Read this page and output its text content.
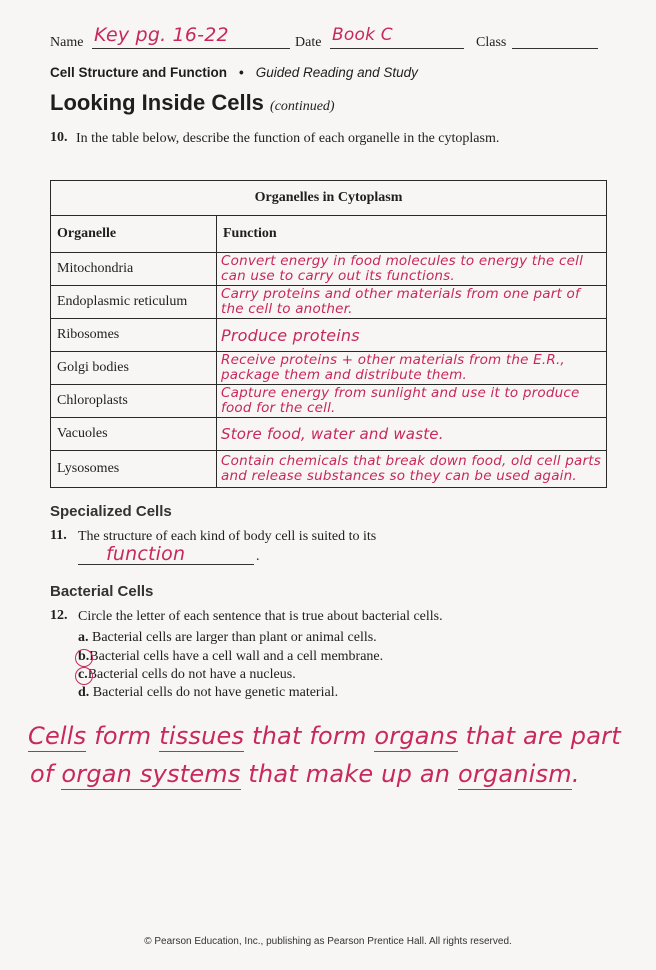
Name Key pg. 16-22	Date Book C	Class
Cell Structure and Function • Guided Reading and Study
Looking Inside Cells (continued)
10. In the table below, describe the function of each organelle in the cytoplasm.
Organelles in Cytoplasm	
Organelle	Function
Mitochondria	Convert energy in food molecules to energy the cell can use to carry out its functions.

Endoplasmic reticulum	Carry proteins and other materials from one part of the cell to another.

Ribosomes	Produce proteins

Golgi bodies	Receive proteins + other materials from the E.R., package them and distribute them.

Chloroplasts	Capture energy from sunlight and use it to produce food for the cell.

Vacuoles	Store food, water and waste.

Lysosomes	Contain chemicals that break down food, old cell parts and release substances so they can be used again.
Specialized Cells
11. The structure of each kind of body cell is suited to its
function	.
Bacterial Cells
12. Circle the letter of each sentence that is true about bacterial cells.
a. Bacterial cells are larger than plant or animal cells.
b.Bacterial cells have a cell wall and a cell membrane.
c.Bacterial cells do not have a nucleus.
d. Bacterial cells do not have genetic material.
Cells form tissues that form organs that are part
of organ systems that make up an organism.
© Pearson Education, Inc., publishing as Pearson Prentice Hall. All rights reserved.
